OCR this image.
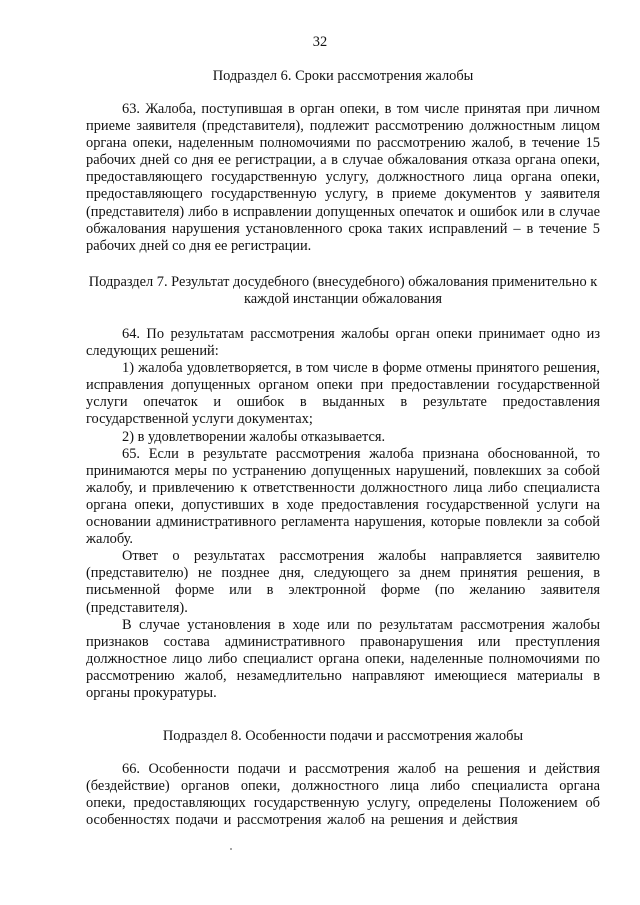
32
Подраздел 6. Сроки рассмотрения жалобы

63. Жалоба, поступившая в орган опеки, в том числе принятая при личном приеме заявителя (представителя), подлежит рассмотрению должностным лицом органа опеки, наделенным полномочиями по рассмотрению жалоб, в течение 15 рабочих дней со дня ее регистрации, а в случае обжалования отказа органа опеки, предоставляющего государственную услугу, должностного лица органа опеки, предоставляющего государственную услугу, в приеме документов у заявителя (представителя) либо в исправлении допущенных опечаток и ошибок или в случае обжалования нарушения установленного срока таких исправлений – в течение 5 рабочих дней со дня ее регистрации.

Подраздел 7. Результат досудебного (внесудебного) обжалования применительно к каждой инстанции обжалования

64. По результатам рассмотрения жалобы орган опеки принимает одно из следующих решений:

1) жалоба удовлетворяется, в том числе в форме отмены принятого решения, исправления допущенных органом опеки при предоставлении государственной услуги опечаток и ошибок в выданных в результате предоставления государственной услуги документах;

2) в удовлетворении жалобы отказывается.

65. Если в результате рассмотрения жалоба признана обоснованной, то принимаются меры по устранению допущенных нарушений, повлекших за собой жалобу, и привлечению к ответственности должностного лица либо специалиста органа опеки, допустивших в ходе предоставления государственной услуги на основании административного регламента нарушения, которые повлекли за собой жалобу.

Ответ о результатах рассмотрения жалобы направляется заявителю (представителю) не позднее дня, следующего за днем принятия решения, в письменной форме или в электронной форме (по желанию заявителя (представителя).

В случае установления в ходе или по результатам рассмотрения жалобы признаков состава административного правонарушения или преступления должностное лицо либо специалист органа опеки, наделенные полномочиями по рассмотрению жалоб, незамедлительно направляют имеющиеся материалы в органы прокуратуры.

Подраздел 8. Особенности подачи и рассмотрения жалобы

66. Особенности подачи и рассмотрения жалоб на решения и действия (бездействие) органов опеки, должностного лица либо специалиста органа опеки, предоставляющих государственную услугу, определены Положением об особенностях подачи и рассмотрения жалоб на решения и действия
